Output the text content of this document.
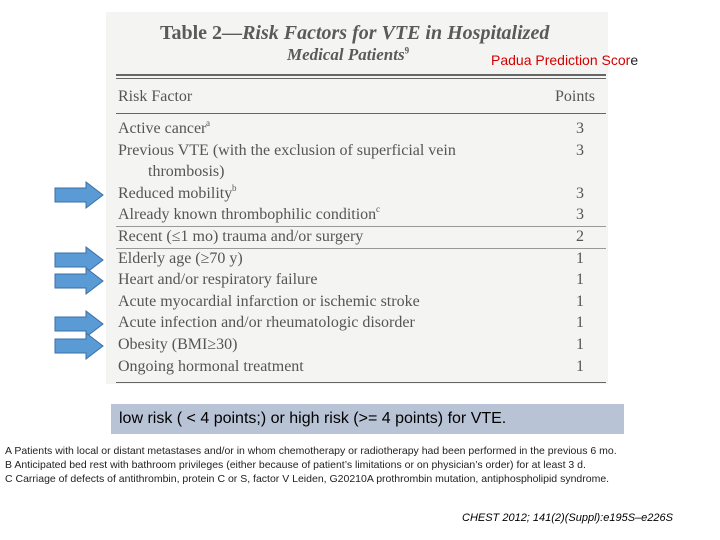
Table 2—Risk Factors for VTE in Hospitalized
Medical Patients$^9$
Padua Prediction Score
Risk Factor	Points
Active cancer a	3
Previous VTE (with the exclusion of superficial vein	3
thrombosis)
Reduced mobility b	3
Already known thrombophilic condition c	3
Recent (≤1 mo) trauma and/or surgery	2
Elderly age (≥70 y)	1
Heart and/or respiratory failure	1
Acute myocardial infarction or ischemic stroke	1
Acute infection and/or rheumatologic disorder	1
Obesity (BMI≥30)	1
Ongoing hormonal treatment	1
low risk ( < 4 points;) or high risk (>= 4 points) for VTE.
A Patients with local or distant metastases and/or in whom chemotherapy or radiotherapy had been performed in the previous 6 mo.
B Anticipated bed rest with bathroom privileges (either because of patient’s limitations or on physician’s order) for at least 3 d.
C Carriage of defects of antithrombin, protein C or S, factor V Leiden, G20210A prothrombin mutation, antiphospholipid syndrome.
CHEST 2012; 141(2)(Suppl):e195S–e226S
